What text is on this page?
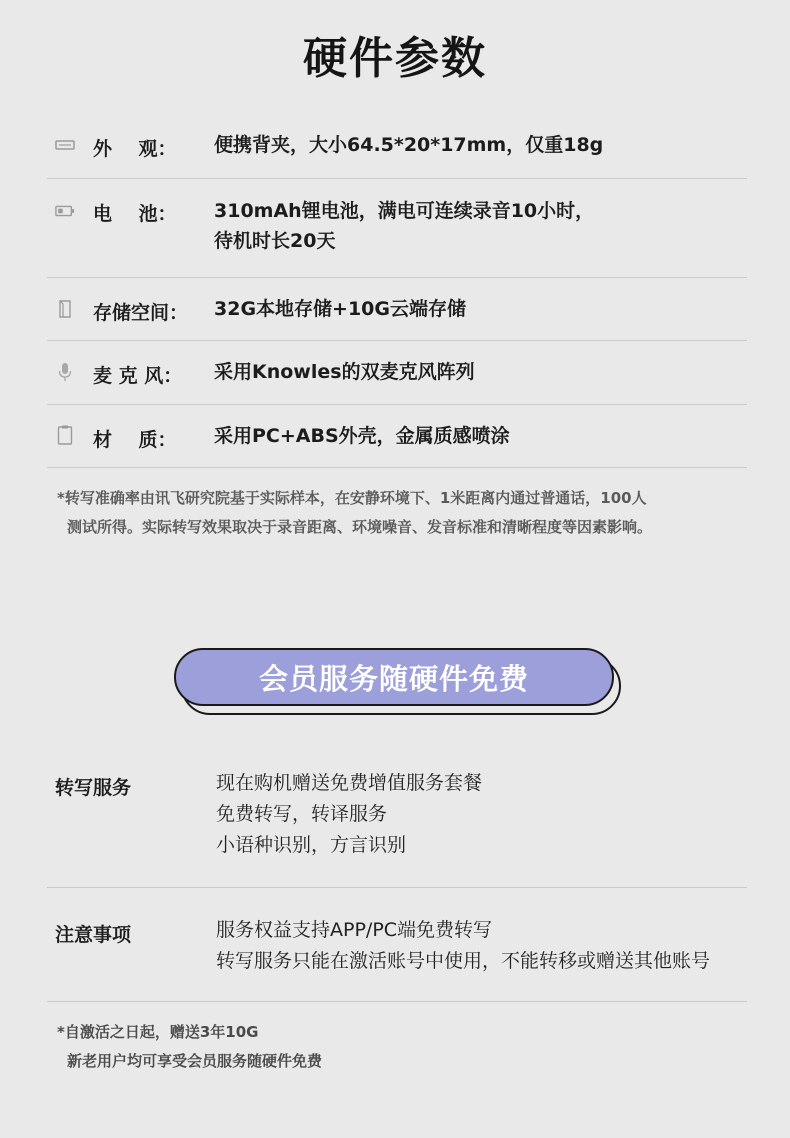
硬件参数
外    观： 便携背夹，大小64.5*20*17mm，仅重18g
电    池： 310mAh锂电池，满电可连续录音10小时，
待机时长20天
存储空间： 32G本地存储+10G云端存储
麦 克 风： 采用Knowles的双麦克风阵列
材    质： 采用PC+ABS外壳，金属质感喷涂
*转写准确率由讯飞研究院基于实际样本，在安静环境下、1米距离内通过普通话，100人
测试所得。实际转写效果取决于录音距离、环境噪音、发音标准和清晰程度等因素影响。
会员服务随硬件免费
转写服务	现在购机赠送免费增值服务套餐
免费转写，转译服务
小语种识别，方言识别
注意事项	服务权益支持APP/PC端免费转写
转写服务只能在激活账号中使用，不能转移或赠送其他账号
*自激活之日起，赠送3年10G
新老用户均可享受会员服务随硬件免费
